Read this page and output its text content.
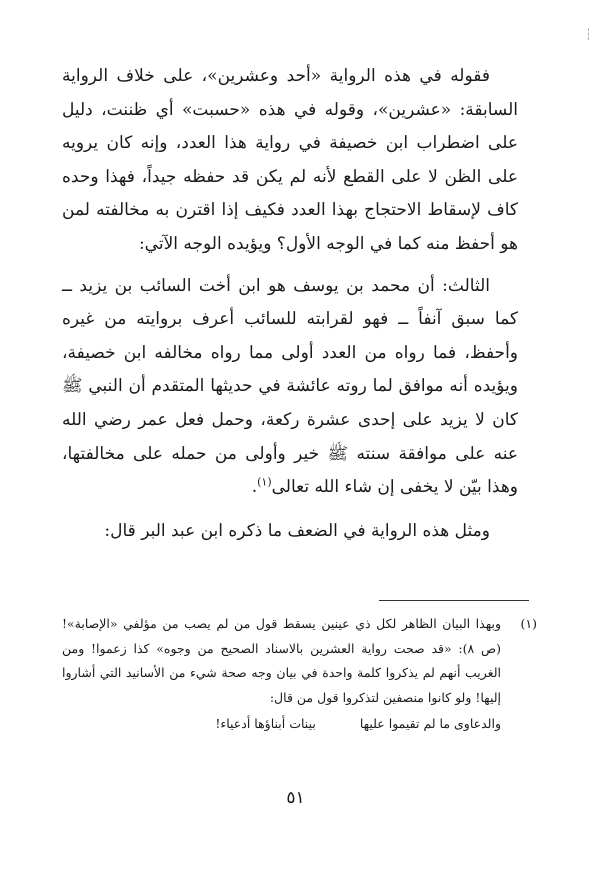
فقوله في هذه الرواية «أحد وعشرين»، على خلاف الرواية السابقة: «عشرين»، وقوله في هذه «حسبت» أي ظننت، دليل على اضطراب ابن خصيفة في رواية هذا العدد، وإنه كان يرويه على الظن لا على القطع لأنه لم يكن قد حفظه جيداً، فهذا وحده كاف لإسقاط الاحتجاج بهذا العدد فكيف إذا اقترن به مخالفته لمن هو أحفظ منه كما في الوجه الأول؟ ويؤيده الوجه الآتي:

الثالث: أن محمد بن يوسف هو ابن أخت السائب بن يزيد ــ كما سبق آنفاً ــ فهو لقرابته للسائب أعرف بروايته من غيره وأحفظ، فما رواه من العدد أولى مما رواه مخالفه ابن خصيفة، ويؤيده أنه موافق لما روته عائشة في حديثها المتقدم أن النبي ﷺ كان لا يزيد على إحدى عشرة ركعة، وحمل فعل عمر رضي الله عنه على موافقة سنته ﷺ خير وأولى من حمله على مخالفتها، وهذا بيّن لا يخفى إن شاء الله تعالى$^{(١)}$.

ومثل هذه الرواية في الضعف ما ذكره ابن عبد البر قال:

(١)
وبهذا البيان الظاهر لكل ذي عينين يسقط قول من لم يصب من مؤلفي «الإصابة»! (ص ٨): «قد صحت رواية العشرين بالاسناد الصحيح من وجوه» كذا زعموا! ومن الغريب أنهم لم يذكروا كلمة واحدة في بيان وجه صحة شيء من الأسانيد التي أشاروا إليها! ولو كانوا منصفين لتذكروا قول من قال:
والدعاوى ما لم تقيموا عليها
بينات أبناؤها أدعياء!
٥١
